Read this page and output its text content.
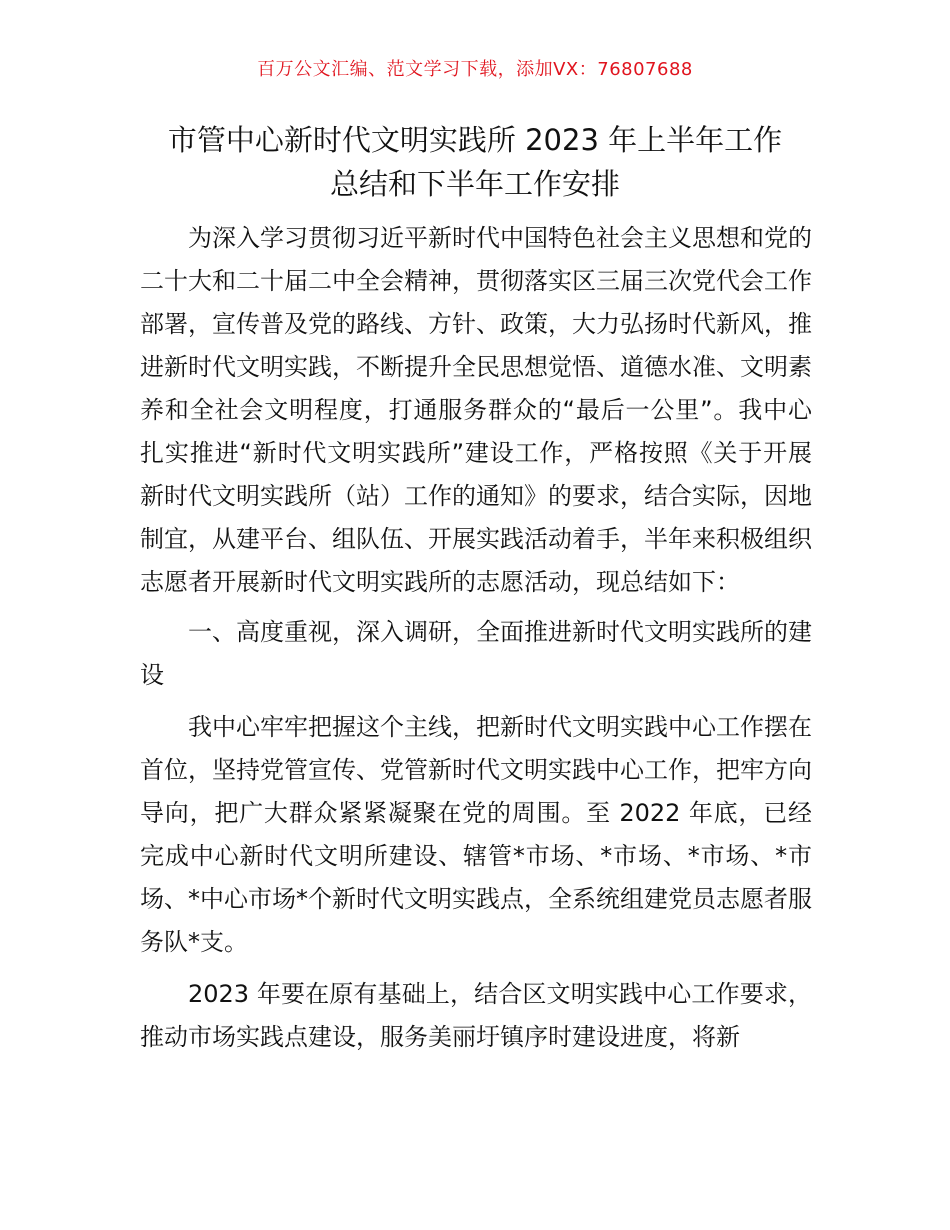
百万公文汇编、范文学习下载，添加VX：76807688
市管中心新时代文明实践所 2023 年上半年工作
总结和下半年工作安排

为深入学习贯彻习近平新时代中国特色社会主义思想和党的二十大和二十届二中全会精神，贯彻落实区三届三次党代会工作部署，宣传普及党的路线、方针、政策，大力弘扬时代新风，推进新时代文明实践，不断提升全民思想觉悟、道德水准、文明素养和全社会文明程度，打通服务群众的“最后一公里”。我中心扎实推进“新时代文明实践所”建设工作，严格按照《关于开展新时代文明实践所（站）工作的通知》的要求，结合实际，因地制宜，从建平台、组队伍、开展实践活动着手，半年来积极组织志愿者开展新时代文明实践所的志愿活动，现总结如下：

一、高度重视，深入调研，全面推进新时代文明实践所的建设

我中心牢牢把握这个主线，把新时代文明实践中心工作摆在首位，坚持党管宣传、党管新时代文明实践中心工作，把牢方向导向，把广大群众紧紧凝聚在党的周围。至 2022 年底，已经完成中心新时代文明所建设、辖管*市场、*市场、*市场、*市场、*中心市场*个新时代文明实践点，全系统组建党员志愿者服务队*支。

2023 年要在原有基础上，结合区文明实践中心工作要求，推动市场实践点建设，服务美丽圩镇序时建设进度，将新
